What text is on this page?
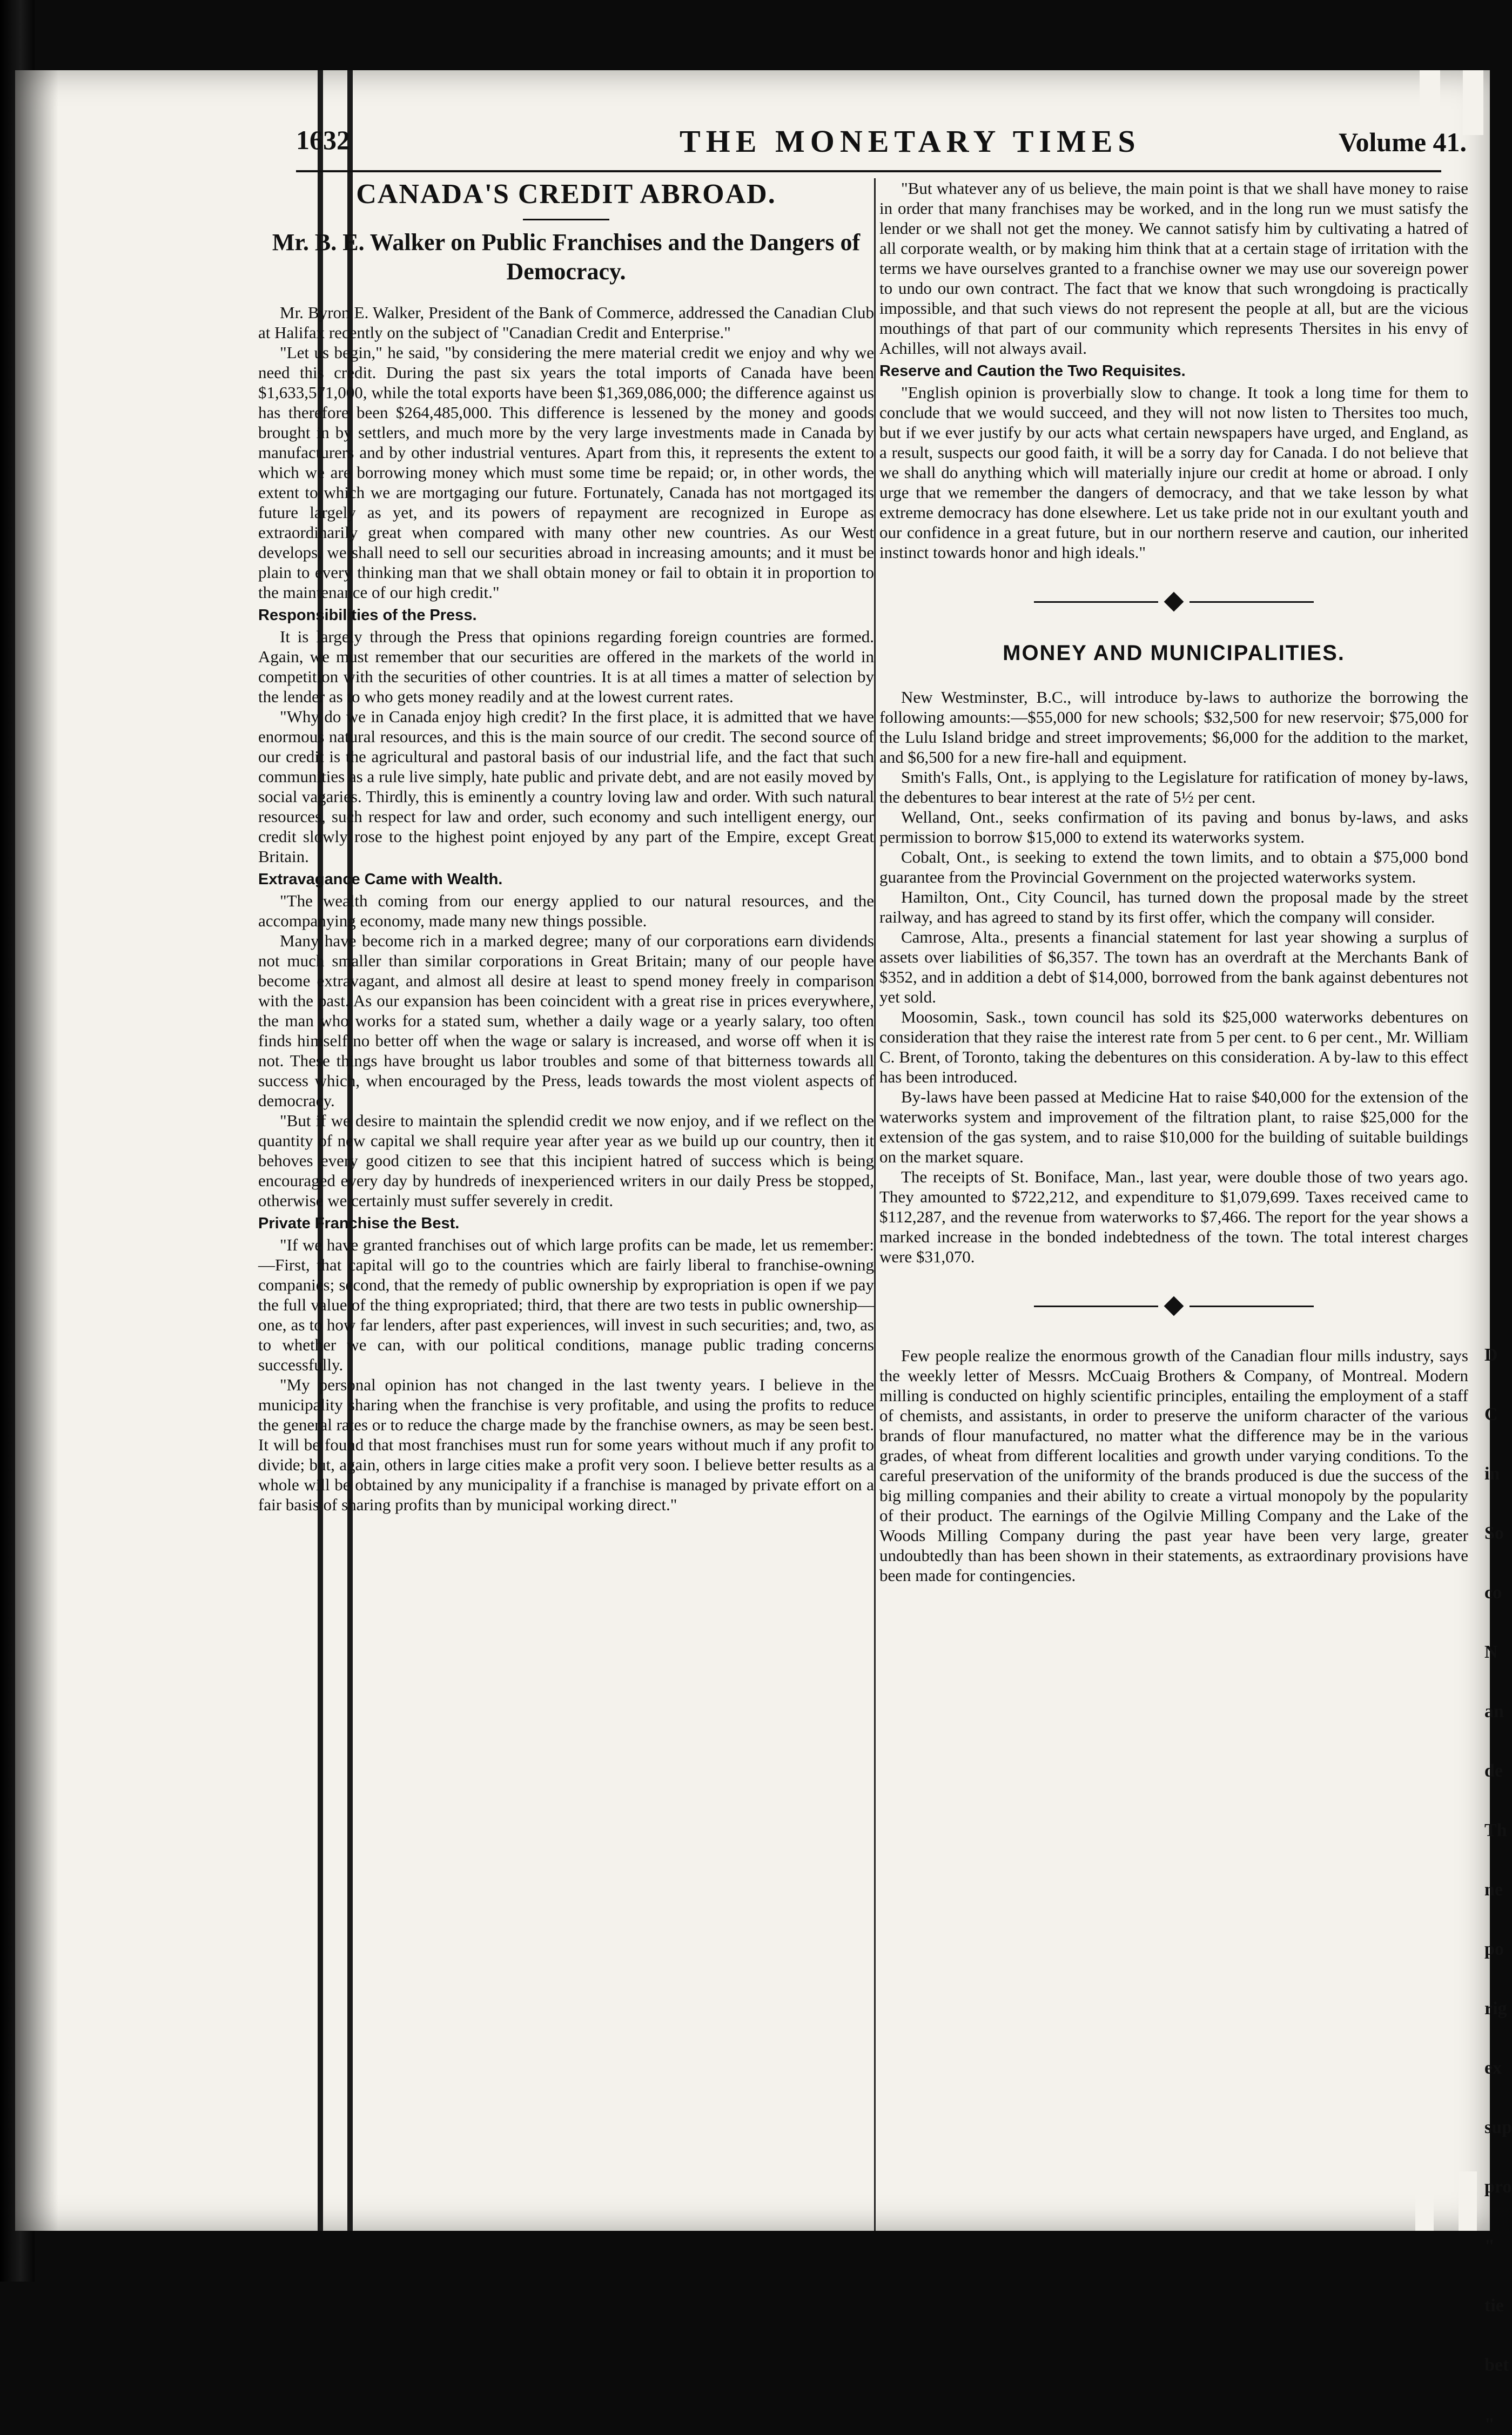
1632	THE MONETARY TIMES	Volume 41.
CANADA'S CREDIT ABROAD.
Mr. B. E. Walker on Public Franchises and the Dangers of Democracy.

Mr. Byron E. Walker, President of the Bank of Commerce, addressed the Canadian Club at Halifax recently on the subject of "Canadian Credit and Enterprise."

"Let us begin," he said, "by considering the mere material credit we enjoy and why we need this credit. During the past six years the total imports of Canada have been $1,633,571,000, while the total exports have been $1,369,086,000; the difference against us has therefore been $264,485,000. This difference is lessened by the money and goods brought in by settlers, and much more by the very large investments made in Canada by manufacturers and by other industrial ventures. Apart from this, it represents the extent to which we are borrowing money which must some time be repaid; or, in other words, the extent to which we are mortgaging our future. Fortunately, Canada has not mortgaged its future largely as yet, and its powers of repayment are recognized in Europe as extraordinarily great when compared with many other new countries. As our West develops, we shall need to sell our securities abroad in increasing amounts; and it must be plain to every thinking man that we shall obtain money or fail to obtain it in proportion to the maintenance of our high credit."

Responsibilities of the Press.

It is largely through the Press that opinions regarding foreign countries are formed. Again, we must remember that our securities are offered in the markets of the world in competition with the securities of other countries. It is at all times a matter of selection by the lender as to who gets money readily and at the lowest current rates.

"Why do we in Canada enjoy high credit? In the first place, it is admitted that we have enormous natural resources, and this is the main source of our credit. The second source of our credit is the agricultural and pastoral basis of our industrial life, and the fact that such communities as a rule live simply, hate public and private debt, and are not easily moved by social vagaries. Thirdly, this is eminently a country loving law and order. With such natural resources, such respect for law and order, such economy and such intelligent energy, our credit slowly rose to the highest point enjoyed by any part of the Empire, except Great Britain.

Extravagance Came with Wealth.

"The wealth coming from our energy applied to our natural resources, and the accompanying economy, made many new things possible.

Many have become rich in a marked degree; many of our corporations earn dividends not much smaller than similar corporations in Great Britain; many of our people have become extravagant, and almost all desire at least to spend money freely in comparison with the past. As our expansion has been coincident with a great rise in prices everywhere, the man who works for a stated sum, whether a daily wage or a yearly salary, too often finds himself no better off when the wage or salary is increased, and worse off when it is not. These things have brought us labor troubles and some of that bitterness towards all success which, when encouraged by the Press, leads towards the most violent aspects of democracy.

"But if we desire to maintain the splendid credit we now enjoy, and if we reflect on the quantity of new capital we shall require year after year as we build up our country, then it behoves every good citizen to see that this incipient hatred of success which is being encouraged every day by hundreds of inexperienced writers in our daily Press be stopped, otherwise we certainly must suffer severely in credit.

Private Franchise the Best.

"If we have granted franchises out of which large profits can be made, let us remember:—First, that capital will go to the countries which are fairly liberal to franchise-owning companies; second, that the remedy of public ownership by expropriation is open if we pay the full value of the thing expropriated; third, that there are two tests in public ownership—one, as to how far lenders, after past experiences, will invest in such securities; and, two, as to whether we can, with our political conditions, manage public trading concerns successfully.

"My personal opinion has not changed in the last twenty years. I believe in the municipality sharing when the franchise is very profitable, and using the profits to reduce the general rates or to reduce the charge made by the franchise owners, as may be seen best. It will be found that most franchises must run for some years without much if any profit to divide; but, again, others in large cities make a profit very soon. I believe better results as a whole will be obtained by any municipality if a franchise is managed by private effort on a fair basis of sharing profits than by municipal working direct."

"But whatever any of us believe, the main point is that we shall have money to raise in order that many franchises may be worked, and in the long run we must satisfy the lender or we shall not get the money. We cannot satisfy him by cultivating a hatred of all corporate wealth, or by making him think that at a certain stage of irritation with the terms we have ourselves granted to a franchise owner we may use our sovereign power to undo our own contract. The fact that we know that such wrongdoing is practically impossible, and that such views do not represent the people at all, but are the vicious mouthings of that part of our community which represents Thersites in his envy of Achilles, will not always avail.

Reserve and Caution the Two Requisites.

"English opinion is proverbially slow to change. It took a long time for them to conclude that we would succeed, and they will not now listen to Thersites too much, but if we ever justify by our acts what certain newspapers have urged, and England, as a result, suspects our good faith, it will be a sorry day for Canada. I do not believe that we shall do anything which will materially injure our credit at home or abroad. I only urge that we remember the dangers of democracy, and that we take lesson by what extreme democracy has done elsewhere. Let us take pride not in our exultant youth and our confidence in a great future, but in our northern reserve and caution, our inherited instinct towards honor and high ideals."

MONEY AND MUNICIPALITIES.

New Westminster, B.C., will introduce by-laws to authorize the borrowing the following amounts:—$55,000 for new schools; $32,500 for new reservoir; $75,000 for the Lulu Island bridge and street improvements; $6,000 for the addition to the market, and $6,500 for a new fire-hall and equipment.

Smith's Falls, Ont., is applying to the Legislature for ratification of money by-laws, the debentures to bear interest at the rate of 5½ per cent.

Welland, Ont., seeks confirmation of its paving and bonus by-laws, and asks permission to borrow $15,000 to extend its waterworks system.

Cobalt, Ont., is seeking to extend the town limits, and to obtain a $75,000 bond guarantee from the Provincial Government on the projected waterworks system.

Hamilton, Ont., City Council, has turned down the proposal made by the street railway, and has agreed to stand by its first offer, which the company will consider.

Camrose, Alta., presents a financial statement for last year showing a surplus of assets over liabilities of $6,357. The town has an overdraft at the Merchants Bank of $352, and in addition a debt of $14,000, borrowed from the bank against debentures not yet sold.

Moosomin, Sask., town council has sold its $25,000 waterworks debentures on consideration that they raise the interest rate from 5 per cent. to 6 per cent., Mr. William C. Brent, of Toronto, taking the debentures on this consideration. A by-law to this effect has been introduced.

By-laws have been passed at Medicine Hat to raise $40,000 for the extension of the waterworks system and improvement of the filtration plant, to raise $25,000 for the extension of the gas system, and to raise $10,000 for the building of suitable buildings on the market square.

The receipts of St. Boniface, Man., last year, were double those of two years ago. They amounted to $722,212, and expenditure to $1,079,699. Taxes received came to $112,287, and the revenue from waterworks to $7,466. The report for the year shows a marked increase in the bonded indebtedness of the town. The total interest charges were $31,070.

Few people realize the enormous growth of the Canadian flour mills industry, says the weekly letter of Messrs. McCuaig Brothers & Company, of Montreal. Modern milling is conducted on highly scientific principles, entailing the employment of a staff of chemists, and assistants, in order to preserve the uniform character of the various brands of flour manufactured, no matter what the difference may be in the various grades, of wheat from different localities and growth under varying conditions. To the careful preservation of the uniformity of the brands produced is due the success of the big milling companies and their ability to create a virtual monopoly by the popularity of their product. The earnings of the Ogilvie Milling Company and the Lake of the Woods Milling Company during the past year have been very large, greater undoubtedly than has been shown in their statements, as extraordinary provisions have been made for contingencies.

D
C
in
So
co
N
an
de
Th
ne
po
rig
ex
sup
pro
"
tie
bet
"
